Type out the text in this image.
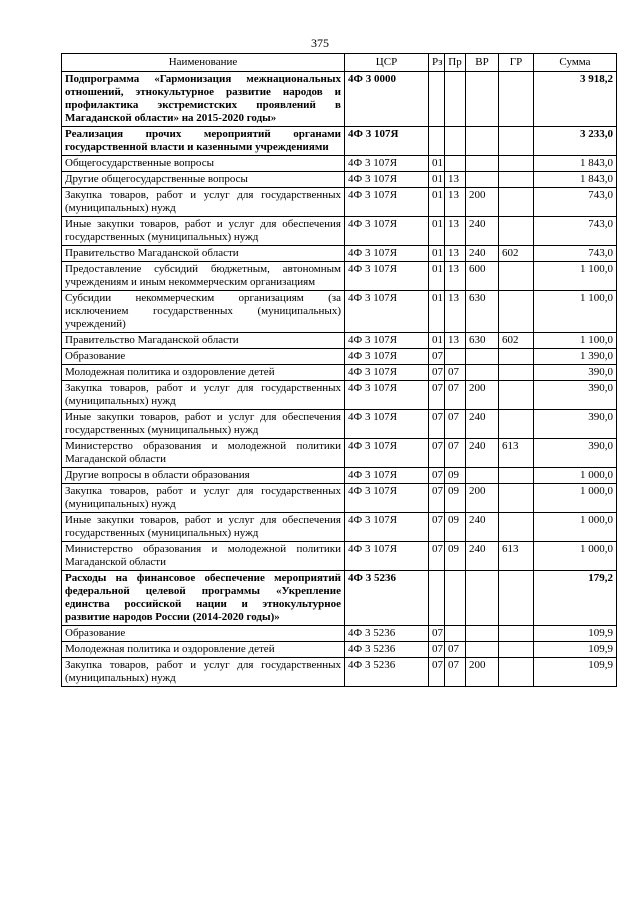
375
Наименование	ЦСР	Рз	Пр	ВР	ГР	Сумма
Подпрограмма «Гармонизация межнациональных отношений, этнокультурное развитие народов и профилактика экстремистских проявлений в Магаданской области» на 2015-2020 годы»	4Ф 3 0000					3 918,2
Реализация прочих мероприятий органами государственной власти и казенными учреждениями	4Ф 3 107Я					3 233,0
Общегосударственные вопросы	4Ф 3 107Я	01				1 843,0
Другие общегосударственные вопросы	4Ф 3 107Я	01	13			1 843,0
Закупка товаров, работ и услуг для государственных (муниципальных) нужд	4Ф 3 107Я	01	13	200		743,0
Иные закупки товаров, работ и услуг для обеспечения государственных (муниципальных) нужд	4Ф 3 107Я	01	13	240		743,0
Правительство Магаданской области	4Ф 3 107Я	01	13	240	602	743,0
Предоставление субсидий бюджетным, автономным учреждениям и иным некоммерческим организациям	4Ф 3 107Я	01	13	600		1 100,0
Субсидии некоммерческим организациям (за исключением государственных (муниципальных) учреждений)	4Ф 3 107Я	01	13	630		1 100,0
Правительство Магаданской области	4Ф 3 107Я	01	13	630	602	1 100,0
Образование	4Ф 3 107Я	07				1 390,0
Молодежная политика и оздоровление детей	4Ф 3 107Я	07	07			390,0
Закупка товаров, работ и услуг для государственных (муниципальных) нужд	4Ф 3 107Я	07	07	200		390,0
Иные закупки товаров, работ и услуг для обеспечения государственных (муниципальных) нужд	4Ф 3 107Я	07	07	240		390,0
Министерство образования и молодежной политики Магаданской области	4Ф 3 107Я	07	07	240	613	390,0
Другие вопросы в области образования	4Ф 3 107Я	07	09			1 000,0
Закупка товаров, работ и услуг для государственных (муниципальных) нужд	4Ф 3 107Я	07	09	200		1 000,0
Иные закупки товаров, работ и услуг для обеспечения государственных (муниципальных) нужд	4Ф 3 107Я	07	09	240		1 000,0
Министерство образования и молодежной политики Магаданской области	4Ф 3 107Я	07	09	240	613	1 000,0
Расходы на финансовое обеспечение мероприятий федеральной целевой программы «Укрепление единства российской нации и этнокультурное развитие народов России (2014-2020 годы)»	4Ф 3 5236					179,2
Образование	4Ф 3 5236	07				109,9
Молодежная политика и оздоровление детей	4Ф 3 5236	07	07			109,9
Закупка товаров, работ и услуг для государственных (муниципальных) нужд	4Ф 3 5236	07	07	200		109,9
